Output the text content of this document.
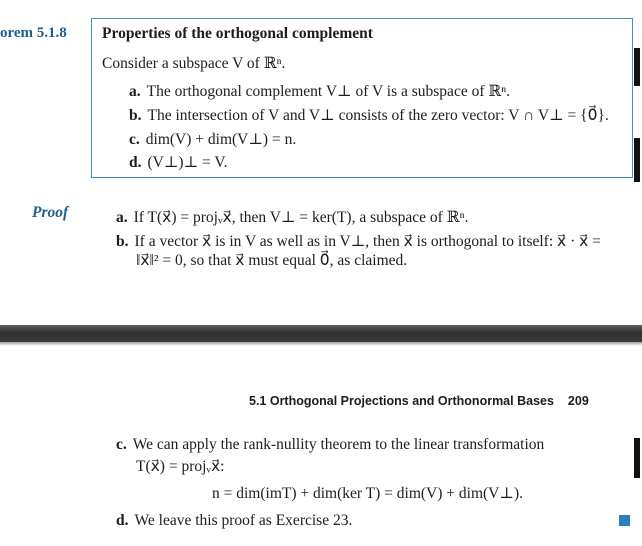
orem 5.1.8 Properties of the orthogonal complement
Consider a subspace V of ℝⁿ.
a. The orthogonal complement V⊥ of V is a subspace of ℝⁿ.
b. The intersection of V and V⊥ consists of the zero vector: V ∩ V⊥ = {0⃗}.
c. dim(V) + dim(V⊥) = n.
d. (V⊥)⊥ = V.
Proof	a. If T(x⃗) = projᵥx⃗, then V⊥ = ker(T), a subspace of ℝⁿ.
b. If a vector x⃗ is in V as well as in V⊥, then x⃗ is orthogonal to itself: x⃗ · x⃗ =
‖x⃗‖² = 0, so that x⃗ must equal 0⃗, as claimed.
5.1 Orthogonal Projections and Orthonormal Bases 209
c. We can apply the rank-nullity theorem to the linear transformation
T(x⃗) = projᵥx⃗:
n = dim(imT) + dim(ker T) = dim(V) + dim(V⊥).
d. We leave this proof as Exercise 23.
